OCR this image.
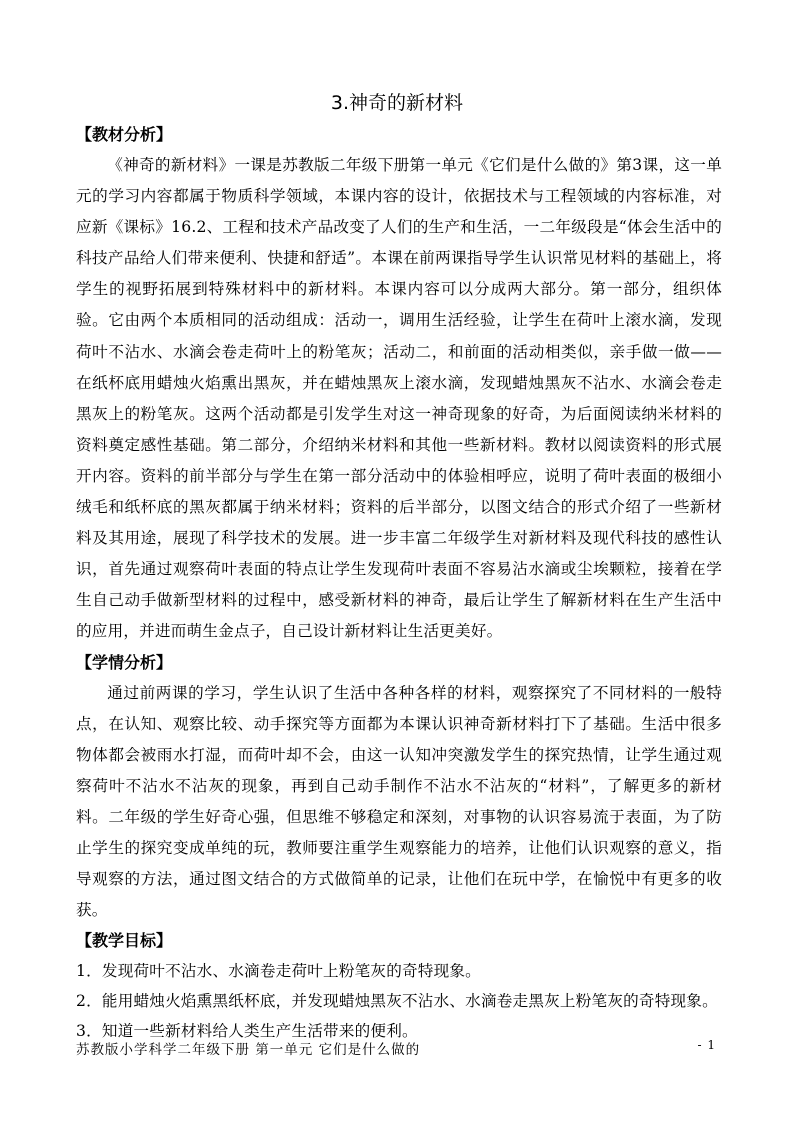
3.神奇的新材料
【教材分析】

《神奇的新材料》一课是苏教版二年级下册第一单元《它们是什么做的》第3课，这一单元的学习内容都属于物质科学领域，本课内容的设计，依据技术与工程领域的内容标准，对应新《课标》16.2、工程和技术产品改变了人们的生产和生活，一二年级段是“体会生活中的科技产品给人们带来便利、快捷和舒适”。本课在前两课指导学生认识常见材料的基础上，将学生的视野拓展到特殊材料中的新材料。本课内容可以分成两大部分。第一部分，组织体验。它由两个本质相同的活动组成：活动一，调用生活经验，让学生在荷叶上滚水滴，发现荷叶不沾水、水滴会卷走荷叶上的粉笔灰；活动二，和前面的活动相类似，亲手做一做——在纸杯底用蜡烛火焰熏出黑灰，并在蜡烛黑灰上滚水滴，发现蜡烛黑灰不沾水、水滴会卷走黑灰上的粉笔灰。这两个活动都是引发学生对这一神奇现象的好奇，为后面阅读纳米材料的资料奠定感性基础。第二部分，介绍纳米材料和其他一些新材料。教材以阅读资料的形式展开内容。资料的前半部分与学生在第一部分活动中的体验相呼应，说明了荷叶表面的极细小绒毛和纸杯底的黑灰都属于纳米材料；资料的后半部分，以图文结合的形式介绍了一些新材料及其用途，展现了科学技术的发展。进一步丰富二年级学生对新材料及现代科技的感性认识，首先通过观察荷叶表面的特点让学生发现荷叶表面不容易沾水滴或尘埃颗粒，接着在学生自己动手做新型材料的过程中，感受新材料的神奇，最后让学生了解新材料在生产生活中的应用，并进而萌生金点子，自己设计新材料让生活更美好。

【学情分析】

通过前两课的学习，学生认识了生活中各种各样的材料，观察探究了不同材料的一般特点，在认知、观察比较、动手探究等方面都为本课认识神奇新材料打下了基础。生活中很多物体都会被雨水打湿，而荷叶却不会，由这一认知冲突激发学生的探究热情，让学生通过观察荷叶不沾水不沾灰的现象，再到自己动手制作不沾水不沾灰的“材料”，了解更多的新材料。二年级的学生好奇心强，但思维不够稳定和深刻，对事物的认识容易流于表面，为了防止学生的探究变成单纯的玩，教师要注重学生观察能力的培养，让他们认识观察的意义，指导观察的方法，通过图文结合的方式做简单的记录，让他们在玩中学，在愉悦中有更多的收获。

【教学目标】

1．发现荷叶不沾水、水滴卷走荷叶上粉笔灰的奇特现象。

2．能用蜡烛火焰熏黑纸杯底，并发现蜡烛黑灰不沾水、水滴卷走黑灰上粉笔灰的奇特现象。

3．知道一些新材料给人类生产生活带来的便利。

苏教版小学科学二年级下册 第一单元 它们是什么做的	- 1
